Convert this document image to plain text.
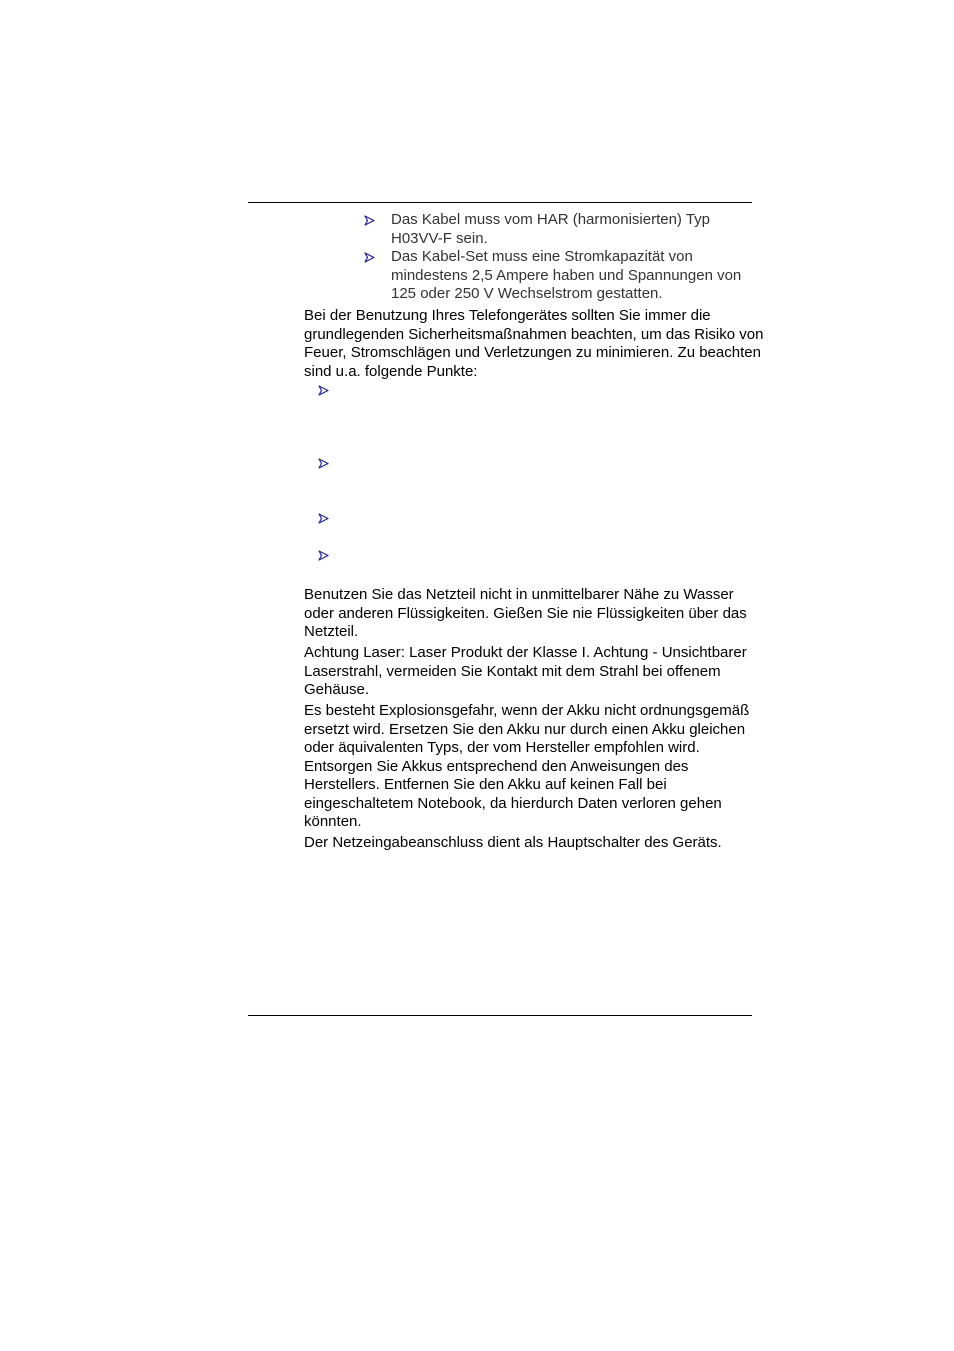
Das Kabel muss vom HAR (harmonisierten) Typ H03VV-F sein.
Das Kabel-Set muss eine Stromkapazität von mindestens 2,5 Ampere haben und Spannungen von 125 oder 250 V Wechselstrom gestatten.

Bei der Benutzung Ihres Telefongerätes sollten Sie immer die grundlegenden Sicherheitsmaßnahmen beachten, um das Risiko von Feuer, Stromschlägen und Verletzungen zu minimieren. Zu beachten sind u.a. folgende Punkte:

Benutzen Sie das Netzteil nicht in unmittelbarer Nähe zu Wasser oder anderen Flüssigkeiten. Gießen Sie nie Flüssigkeiten über das Netzteil.

Achtung Laser: Laser Produkt der Klasse I. Achtung - Unsichtbarer Laserstrahl, vermeiden Sie Kontakt mit dem Strahl bei offenem Gehäuse.

Es besteht Explosionsgefahr, wenn der Akku nicht ordnungsgemäß ersetzt wird. Ersetzen Sie den Akku nur durch einen Akku gleichen oder äquivalenten Typs, der vom Hersteller empfohlen wird. Entsorgen Sie Akkus entsprechend den Anweisungen des Herstellers. Entfernen Sie den Akku auf keinen Fall bei eingeschaltetem Notebook, da hierdurch Daten verloren gehen könnten.

Der Netzeingabeanschluss dient als Hauptschalter des Geräts.
